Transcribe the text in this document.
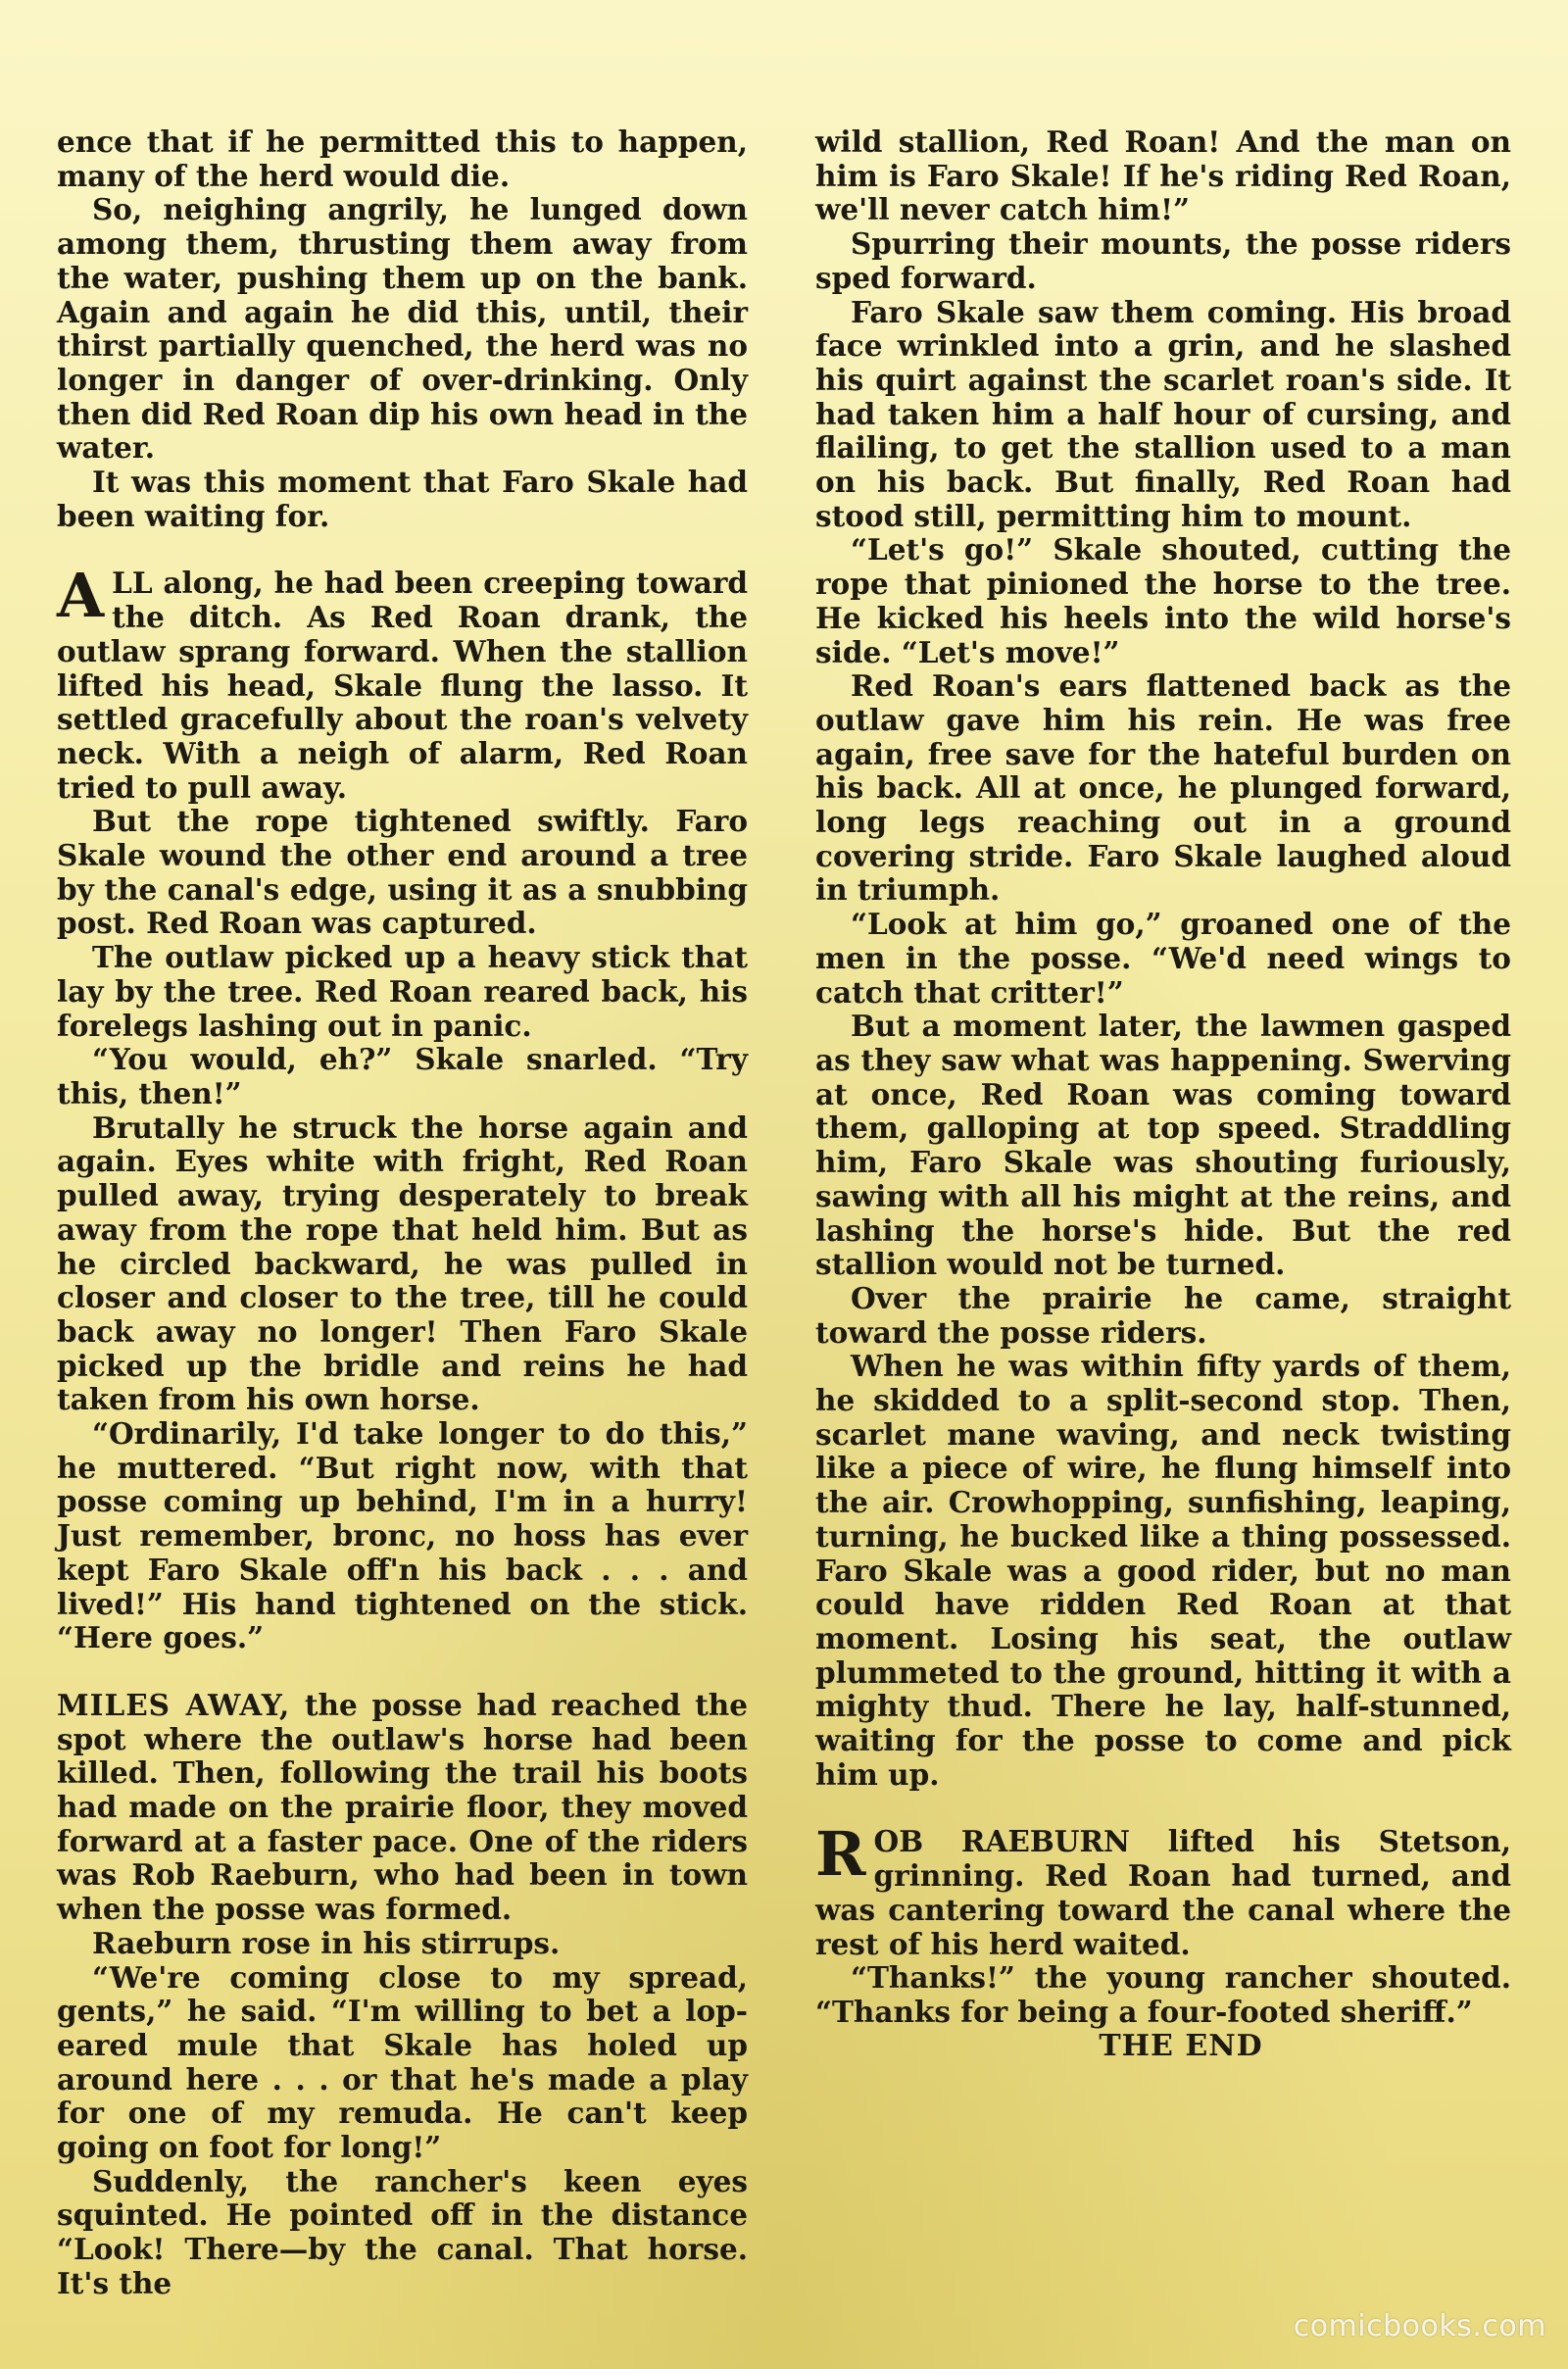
ence that if he permitted this to happen, many of the herd would die.

So, neighing angrily, he lunged down among them, thrusting them away from the water, pushing them up on the bank. Again and again he did this, until, their thirst partially quenched, the herd was no longer in danger of over-drinking. Only then did Red Roan dip his own head in the water.

It was this moment that Faro Skale had been waiting for.

ALL along, he had been creeping toward the ditch. As Red Roan drank, the outlaw sprang forward. When the stallion lifted his head, Skale flung the lasso. It settled gracefully about the roan's velvety neck. With a neigh of alarm, Red Roan tried to pull away.

But the rope tightened swiftly. Faro Skale wound the other end around a tree by the canal's edge, using it as a snubbing post. Red Roan was captured.

The outlaw picked up a heavy stick that lay by the tree. Red Roan reared back, his forelegs lashing out in panic.

“You would, eh?” Skale snarled. “Try this, then!”

Brutally he struck the horse again and again. Eyes white with fright, Red Roan pulled away, trying desperately to break away from the rope that held him. But as he circled backward, he was pulled in closer and closer to the tree, till he could back away no longer! Then Faro Skale picked up the bridle and reins he had taken from his own horse.

“Ordinarily, I'd take longer to do this,” he muttered. “But right now, with that posse coming up behind, I'm in a hurry! Just remember, bronc, no hoss has ever kept Faro Skale off'n his back . . . and lived!” His hand tightened on the stick. “Here goes.”

MILES AWAY, the posse had reached the spot where the outlaw's horse had been killed. Then, following the trail his boots had made on the prairie floor, they moved forward at a faster pace. One of the riders was Rob Raeburn, who had been in town when the posse was formed.

Raeburn rose in his stirrups.

“We're coming close to my spread, gents,” he said. “I'm willing to bet a lop-eared mule that Skale has holed up around here . . . or that he's made a play for one of my remuda. He can't keep going on foot for long!”

Suddenly, the rancher's keen eyes squinted. He pointed off in the distance “Look! There—by the canal. That horse. It's the

wild stallion, Red Roan! And the man on him is Faro Skale! If he's riding Red Roan, we'll never catch him!”

Spurring their mounts, the posse riders sped forward.

Faro Skale saw them coming. His broad face wrinkled into a grin, and he slashed his quirt against the scarlet roan's side. It had taken him a half hour of cursing, and flailing, to get the stallion used to a man on his back. But finally, Red Roan had stood still, permitting him to mount.

“Let's go!” Skale shouted, cutting the rope that pinioned the horse to the tree. He kicked his heels into the wild horse's side. “Let's move!”

Red Roan's ears flattened back as the outlaw gave him his rein. He was free again, free save for the hateful burden on his back. All at once, he plunged forward, long legs reaching out in a ground covering stride. Faro Skale laughed aloud in triumph.

“Look at him go,” groaned one of the men in the posse. “We'd need wings to catch that critter!”

But a moment later, the lawmen gasped as they saw what was happening. Swerving at once, Red Roan was coming toward them, galloping at top speed. Straddling him, Faro Skale was shouting furiously, sawing with all his might at the reins, and lashing the horse's hide. But the red stallion would not be turned.

Over the prairie he came, straight toward the posse riders.

When he was within fifty yards of them, he skidded to a split-second stop. Then, scarlet mane waving, and neck twisting like a piece of wire, he flung himself into the air. Crowhopping, sunfishing, leaping, turning, he bucked like a thing possessed. Faro Skale was a good rider, but no man could have ridden Red Roan at that moment. Losing his seat, the outlaw plummeted to the ground, hitting it with a mighty thud. There he lay, half-stunned, waiting for the posse to come and pick him up.

ROB RAEBURN lifted his Stetson, grinning. Red Roan had turned, and was cantering toward the canal where the rest of his herd waited.

“Thanks!” the young rancher shouted. “Thanks for being a four-footed sheriff.”

THE END

comicbooks.com
